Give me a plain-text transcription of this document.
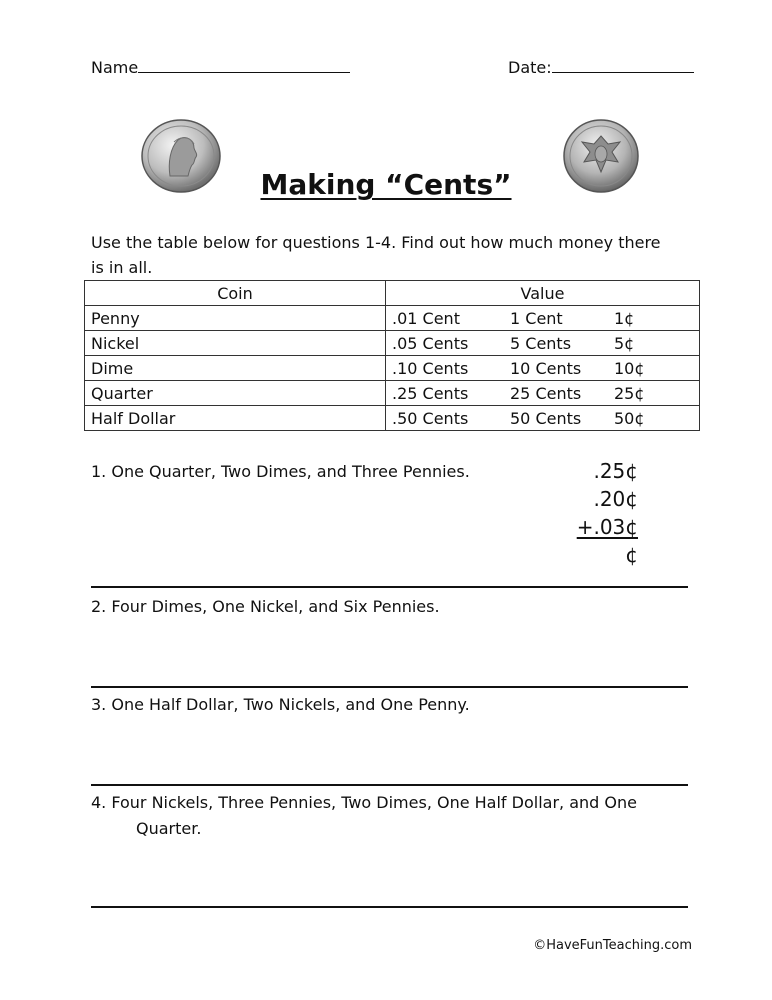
Name	Date:
Making “Cents”
Use the table below for questions 1-4. Find out how much money there
is in all.
Coin	Value
Penny	.01 Cent 1 Cent 1¢

Nickel	.05 Cents 5 Cents 5¢

Dime	.10 Cents 10 Cents 10¢

Quarter	.25 Cents 25 Cents 25¢

Half Dollar	.50 Cents 50 Cents 50¢
1. One Quarter, Two Dimes, and Three Pennies.	.25¢
.20¢
+.03¢
¢
2. Four Dimes, One Nickel, and Six Pennies.
3. One Half Dollar, Two Nickels, and One Penny.
4. Four Nickels, Three Pennies, Two Dimes, One Half Dollar, and One
Quarter.
©HaveFunTeaching.com
